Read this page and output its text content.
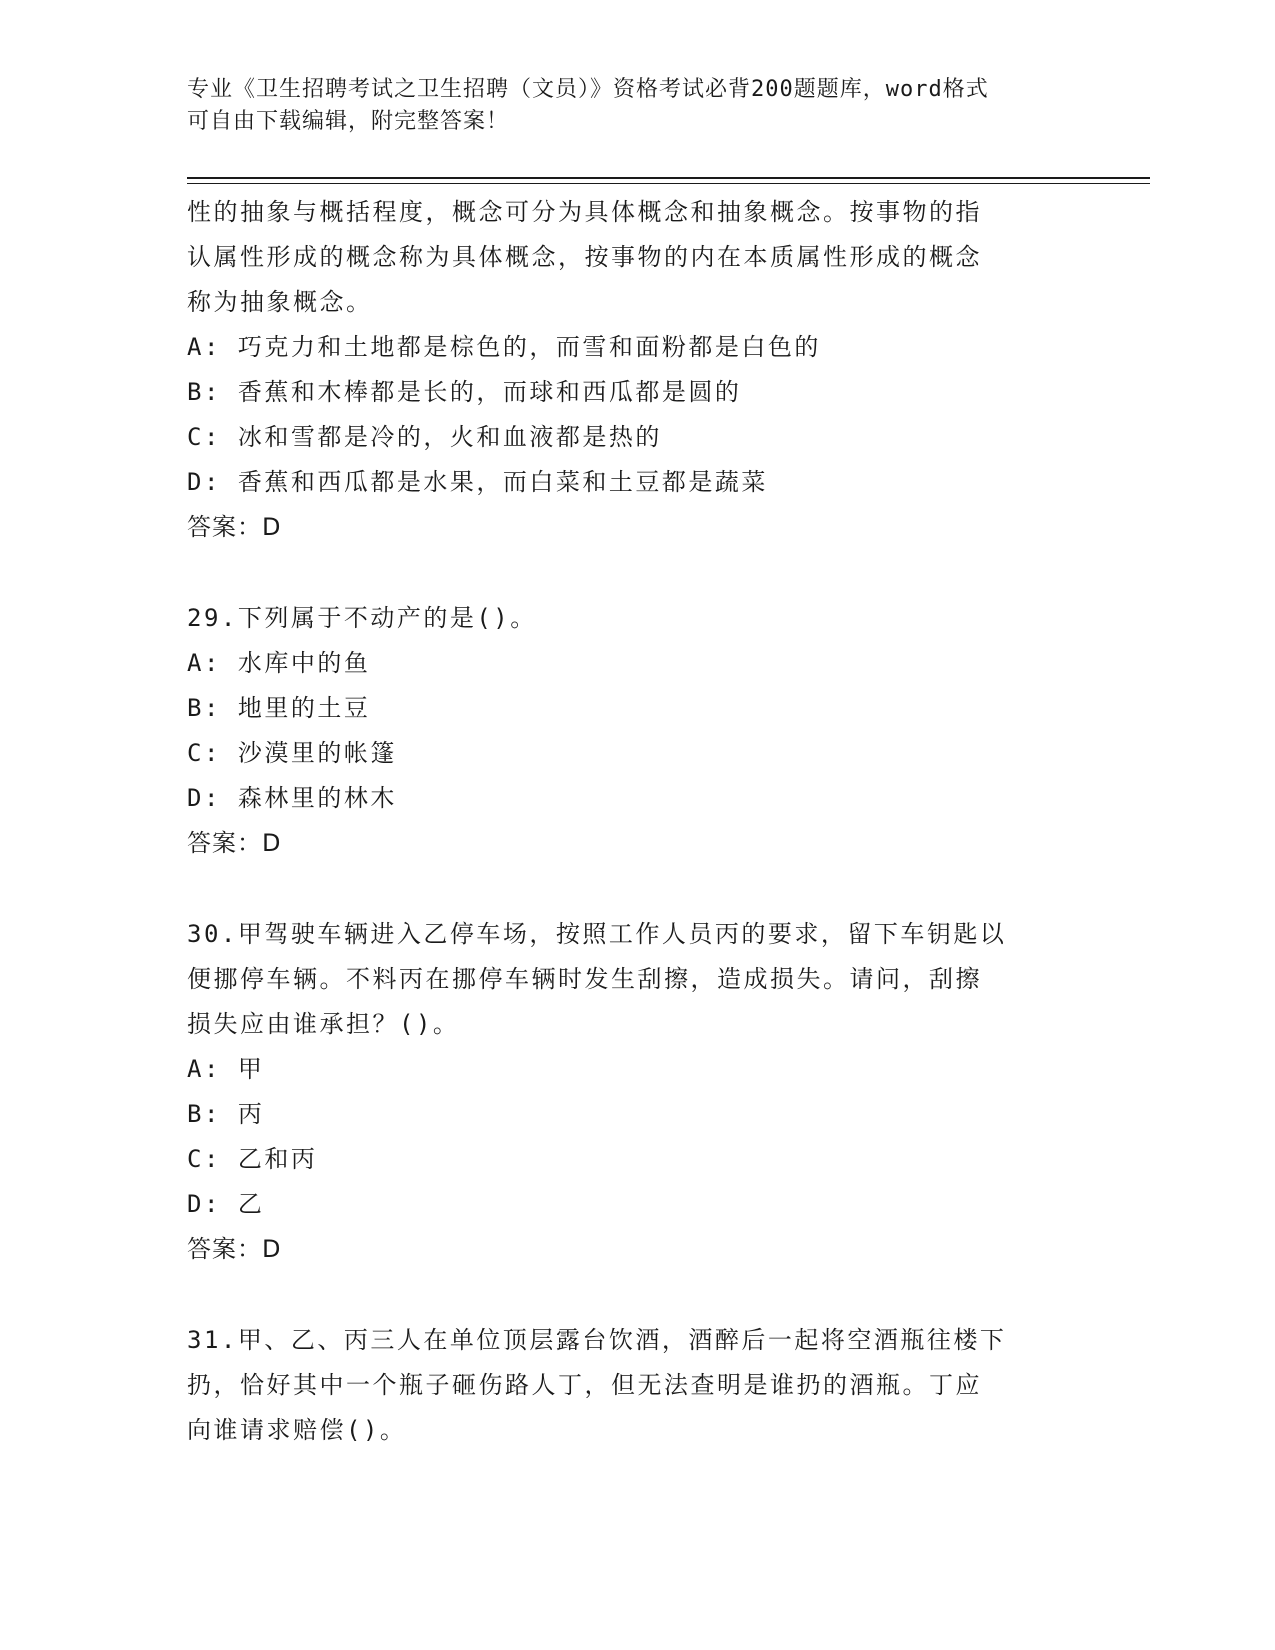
专业《卫生招聘考试之卫生招聘（文员）》资格考试必背200题题库，word格式
可自由下载编辑，附完整答案！
性的抽象与概括程度，概念可分为具体概念和抽象概念。按事物的指
认属性形成的概念称为具体概念，按事物的内在本质属性形成的概念
称为抽象概念。
A: 巧克力和土地都是棕色的，而雪和面粉都是白色的
B: 香蕉和木棒都是长的，而球和西瓜都是圆的
C: 冰和雪都是冷的，火和血液都是热的
D: 香蕉和西瓜都是水果，而白菜和土豆都是蔬菜
答案：D
29.下列属于不动产的是()。
A: 水库中的鱼
B: 地里的土豆
C: 沙漠里的帐篷
D: 森林里的林木
答案：D
30.甲驾驶车辆进入乙停车场，按照工作人员丙的要求，留下车钥匙以
便挪停车辆。不料丙在挪停车辆时发生刮擦，造成损失。请问，刮擦
损失应由谁承担？()。
A: 甲
B: 丙
C: 乙和丙
D: 乙
答案：D
31.甲、乙、丙三人在单位顶层露台饮酒，酒醉后一起将空酒瓶往楼下
扔，恰好其中一个瓶子砸伤路人丁，但无法查明是谁扔的酒瓶。丁应
向谁请求赔偿()。
